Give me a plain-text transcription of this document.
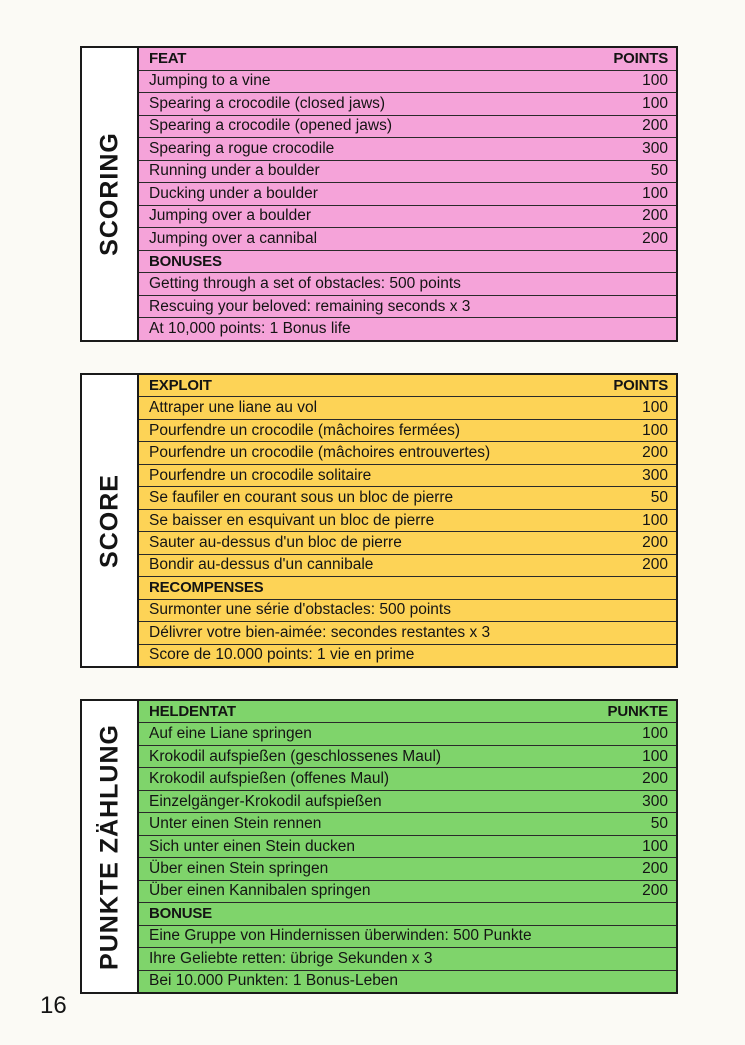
SCORING
FEAT	POINTS
Jumping to a vine	100
Spearing a crocodile (closed jaws)	100
Spearing a crocodile (opened jaws)	200
Spearing a rogue crocodile	300
Running under a boulder	50
Ducking under a boulder	100
Jumping over a boulder	200
Jumping over a cannibal	200
BONUSES
Getting through a set of obstacles: 500 points
Rescuing your beloved: remaining seconds x 3
At 10,000 points: 1 Bonus life
SCORE
EXPLOIT	POINTS
Attraper une liane au vol	100
Pourfendre un crocodile (mâchoires fermées)	100
Pourfendre un crocodile (mâchoires entrouvertes)	200
Pourfendre un crocodile solitaire	300
Se faufiler en courant sous un bloc de pierre	50
Se baisser en esquivant un bloc de pierre	100
Sauter au-dessus d'un bloc de pierre	200
Bondir au-dessus d'un cannibale	200
RECOMPENSES
Surmonter une série d'obstacles: 500 points
Délivrer votre bien-aimée: secondes restantes x 3
Score de 10.000 points: 1 vie en prime
PUNKTE ZÄHLUNG
HELDENTAT	PUNKTE
Auf eine Liane springen	100
Krokodil aufspießen (geschlossenes Maul)	100
Krokodil aufspießen (offenes Maul)	200
Einzelgänger-Krokodil aufspießen	300
Unter einen Stein rennen	50
Sich unter einen Stein ducken	100
Über einen Stein springen	200
Über einen Kannibalen springen	200
BONUSE
Eine Gruppe von Hindernissen überwinden: 500 Punkte
Ihre Geliebte retten: übrige Sekunden x 3
Bei 10.000 Punkten: 1 Bonus-Leben
16
